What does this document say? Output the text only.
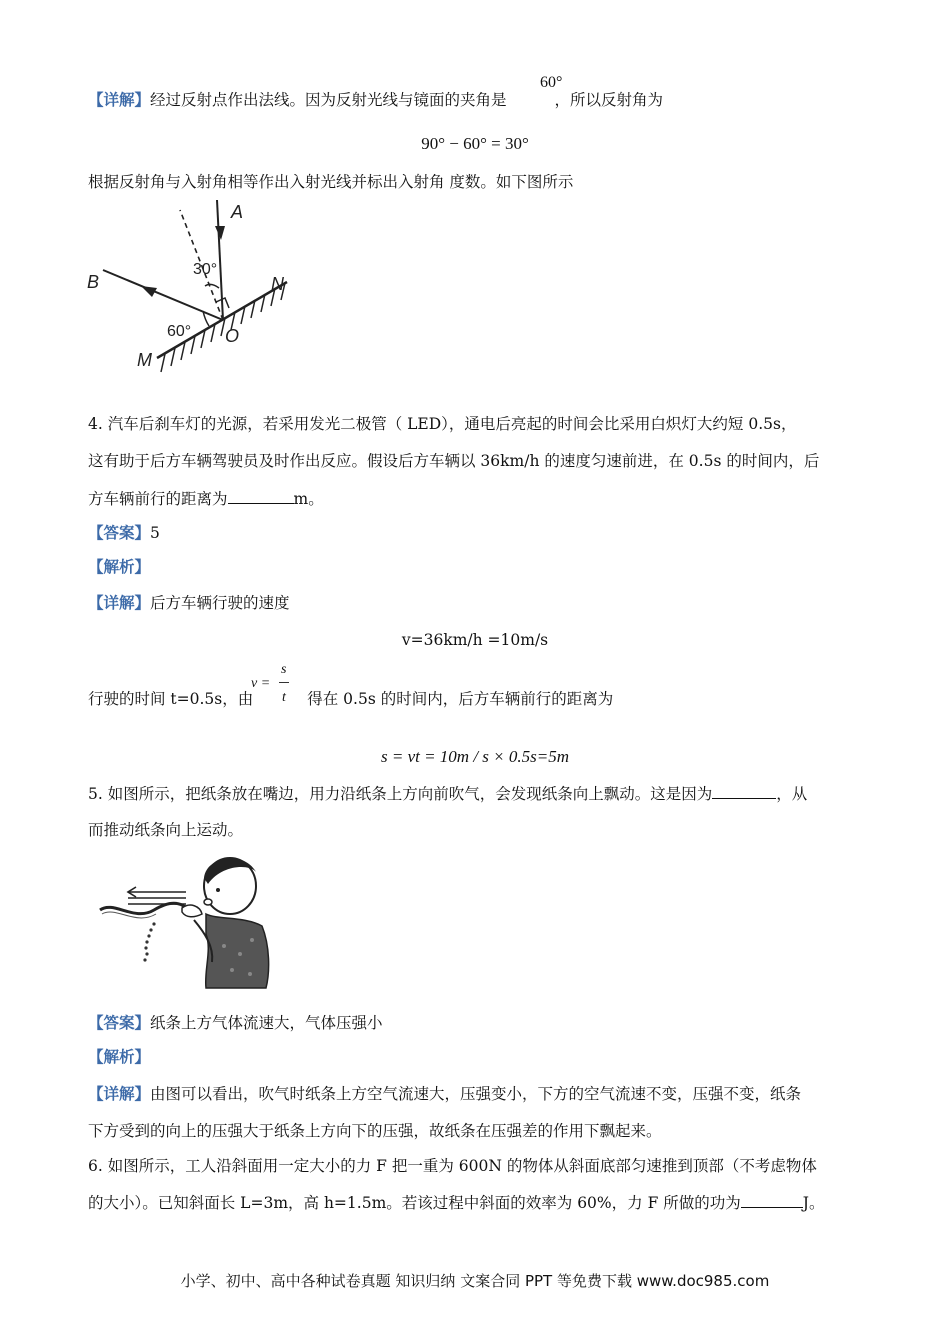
【详解】经过反射点作出法线。因为反射光线与镜面的夹角是	，所以反射角为
60°
90° − 60° = 30°
根据反射角与入射角相等作出入射光线并标出入射角 度数。如下图所示
A
B	N
M
O
30°
60°
4. 汽车后刹车灯的光源，若采用发光二极管（ LED），通电后亮起的时间会比采用白炽灯大约短 0.5s，
这有助于后方车辆驾驶员及时作出反应。假设后方车辆以 36km/h 的速度匀速前进，在 0.5s 的时间内，后
方车辆前行的距离为	m。
【答案】5
【解析】
【详解】后方车辆行驶的速度
v=36km/h =10m/s
v =
s
t
行驶的时间 t=0.5s，由	得在 0.5s 的时间内，后方车辆前行的距离为
s = vt = 10m / s × 0.5s=5m
5. 如图所示，把纸条放在嘴边，用力沿纸条上方向前吹气，会发现纸条向上飘动。这是因为	，从
而推动纸条向上运动。
【答案】纸条上方气体流速大，气体压强小
【解析】
【详解】由图可以看出，吹气时纸条上方空气流速大，压强变小，下方的空气流速不变，压强不变，纸条
下方受到的向上的压强大于纸条上方向下的压强，故纸条在压强差的作用下飘起来。
6. 如图所示，工人沿斜面用一定大小的力 F 把一重为 600N 的物体从斜面底部匀速推到顶部（不考虑物体
的大小）。已知斜面长 L=3m，高 h=1.5m。若该过程中斜面的效率为 60%，力 F 所做的功为	J。
小学、初中、高中各种试卷真题 知识归纳 文案合同 PPT 等免费下载 www.doc985.com
